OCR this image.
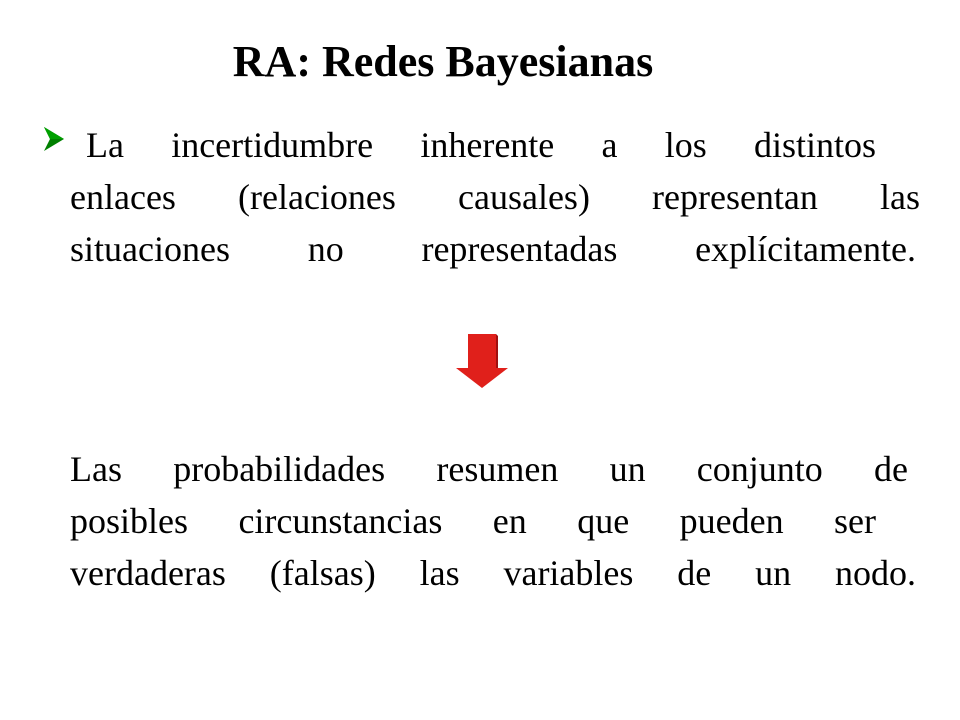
RA: Redes Bayesianas
La incertidumbre inherente a los distintos
enlaces (relaciones causales) representan las
situaciones no representadas explícitamente.
Las probabilidades resumen un conjunto de
posibles circunstancias en que pueden ser
verdaderas (falsas) las variables de un nodo.
